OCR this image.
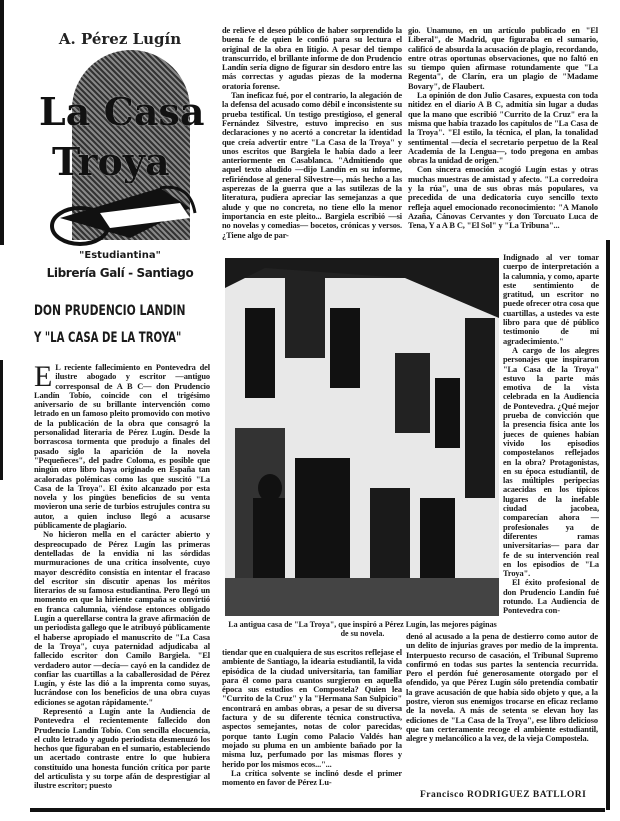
A. Pérez Lugín
La Casa
Troya
"Estudiantina"
Librería Galí - Santiago
DON PRUDENCIO LANDIN
Y "LA CASA DE LA TROYA"

E L reciente fallecimiento en Pontevedra del ilustre abogado y escritor —antiguo corresponsal de A B C— don Prudencio Landín Tobío, coincide con el trigésimo aniversario de su brillante intervención como letrado en un famoso pleito promovido con motivo de la publicación de la obra que consagró la personalidad literaria de Pérez Lugín. Desde la borrascosa tormenta que produjo a finales del pasado siglo la aparición de la novela "Pequeñeces", del padre Coloma, es posible que ningún otro libro haya originado en España tan acaloradas polémicas como las que suscitó "La Casa de la Troya". El éxito alcanzado por esta novela y los pingües beneficios de su venta movieron una serie de turbios estrujules contra su autor, a quien incluso llegó a acusarse públicamente de plagiario.

No hicieron mella en el carácter abierto y despreocupado de Pérez Lugín las primeras dentelladas de la envidia ni las sórdidas murmuraciones de una crítica insolvente, cuyo mayor descrédito consistía en intentar el fracaso del escritor sin discutir apenas los méritos literarios de su famosa estudiantina. Pero llegó un momento en que la hiriente campaña se convirtió en franca calumnia, viéndose entonces obligado Lugín a querellarse contra la grave afirmación de un periodista gallego que le atribuyó públicamente el haberse apropiado el manuscrito de "La Casa de la Troya", cuya paternidad adjudicaba al fallecido escritor don Camilo Bargiela. "El verdadero autor —decía— cayó en la candidez de confiar las cuartillas a la caballerosidad de Pérez Lugín, y éste las dió a la imprenta como suyas, lucrándose con los beneficios de una obra cuyas ediciones se agotan rápidamente."

Representó a Lugín ante la Audiencia de Pontevedra el recientemente fallecido don Prudencio Landín Tobío. Con sencilla elocuencia, el culto letrado y agudo periodista desmenuzó los hechos que figuraban en el sumario, estableciendo un acertado contraste entre lo que hubiera constituído una honesta función crítica por parte del articulista y su torpe afán de desprestigiar al ilustre escritor; puesto

de relieve el deseo público de haber sorprendido la buena fe de quien le confió para su lectura el original de la obra en litigio. A pesar del tiempo transcurrido, el brillante informe de don Prudencio Landín sería digno de figurar sin desdoro entre las más correctas y agudas piezas de la moderna oratoria forense.

Tan ineficaz fué, por el contrario, la alegación de la defensa del acusado como débil e inconsistente su prueba testifical. Un testigo prestigioso, el general Fernández Silvestre, estuvo impreciso en sus declaraciones y no acertó a concretar la identidad que creía advertir entre "La Casa de la Troya" y unos escritos que Bargiela le había dado a leer anteriormente en Casablanca. "Admitiendo que aquel texto aludido —dijo Landín en su informe, refiriéndose al general Silvestre—, más hecho a las asperezas de la guerra que a las sutilezas de la literatura, pudiera apreciar las semejanzas a que alude y que no concreta, no tiene ello la menor importancia en este pleito... Bargiela escribió —si no novelas y comedias— bocetos, crónicas y versos. ¿Tiene algo de par-

gio. Unamuno, en un artículo publicado en "El Liberal", de Madrid, que figuraba en el sumario, calificó de absurda la acusación de plagio, recordando, entre otras oportunas observaciones, que no faltó en su tiempo quien afirmase rotundamente que "La Regenta", de Clarín, era un plagio de "Madame Bovary", de Flaubert.

La opinión de don Julio Casares, expuesta con toda nitidez en el diario A B C, admitía sin lugar a dudas que la mano que escribió "Currito de la Cruz" era la misma que había trazado los capítulos de "La Casa de la Troya". "El estilo, la técnica, el plan, la tonalidad sentimental —decía el secretario perpetuo de la Real Academia de la Lengua—, todo pregona en ambas obras la unidad de origen."

Con sincera emoción acogió Lugín estas y otras muchas muestras de amistad y afecto. "La corredoira y la rúa", una de sus obras más populares, va precedida de una dedicatoria cuyo sencillo texto refleja aquel emocionado reconocimiento: "A Manolo Azaña, Cánovas Cervantes y don Torcuato Luca de Tena, Y a A B C, "El Sol" y "La Tribuna"...

La antigua casa de "La Troya", que inspiró a Pérez Lugín, las mejores páginas de su novela.

Indignado al ver tomar cuerpo de interpretación a la calumnia, y como, aparte este sentimiento de gratitud, un escritor no puede ofrecer otra cosa que cuartillas, a ustedes va este libro para que dé público testimonio de mi agradecimiento."

A cargo de los alegres personajes que inspiraron "La Casa de la Troya" estuvo la parte más emotiva de la vista celebrada en la Audiencia de Pontevedra. ¿Qué mejor prueba de convicción que la presencia física ante los jueces de quienes habían vivido los episodios compostelanos reflejados en la obra? Protagonistas, en su época estudiantil, de las múltiples peripecias acaecidas en los típicos lugares de la inefable ciudad jacobea, comparecían ahora —profesionales ya de diferentes ramas universitarias— para dar fe de su intervención real en los episodios de "La Troya".

El éxito profesional de don Prudencio Landín fué rotundo. La Audiencia de Pontevedra con-

tiendar que en cualquiera de sus escritos reflejase el ambiente de Santiago, la idearia estudiantil, la vida episódica de la ciudad universitaria, tan familiar para él como para cuantos surgieron en aquella época sus estudios en Compostela? Quien lea "Currito de la Cruz" y la "Hermana San Sulpicio" encontrará en ambas obras, a pesar de su diversa factura y de su diferente técnica constructiva, aspectos semejantes, notas de color parecidas, porque tanto Lugín como Palacio Valdés han mojado su pluma en un ambiente bañado por la misma luz, perfumado por las mismas flores y herido por los mismos ecos..."...

La crítica solvente se inclinó desde el primer momento en favor de Pérez Lu-

denó al acusado a la pena de destierro como autor de un delito de injurias graves por medio de la imprenta. Interpuesto recurso de casación, el Tribunal Supremo confirmó en todas sus partes la sentencia recurrida. Pero el perdón fué generosamente otorgado por el ofendido, ya que Pérez Lugín sólo pretendía combatir la grave acusación de que había sido objeto y que, a la postre, vieron sus enemigos trocarse en eficaz reclamo de la novela. A más de setenta se elevan hoy las ediciones de "La Casa de la Troya", ese libro delicioso que tan certeramente recoge el ambiente estudiantil, alegre y melancólico a la vez, de la vieja Compostela.

Francisco RODRIGUEZ BATLLORI
